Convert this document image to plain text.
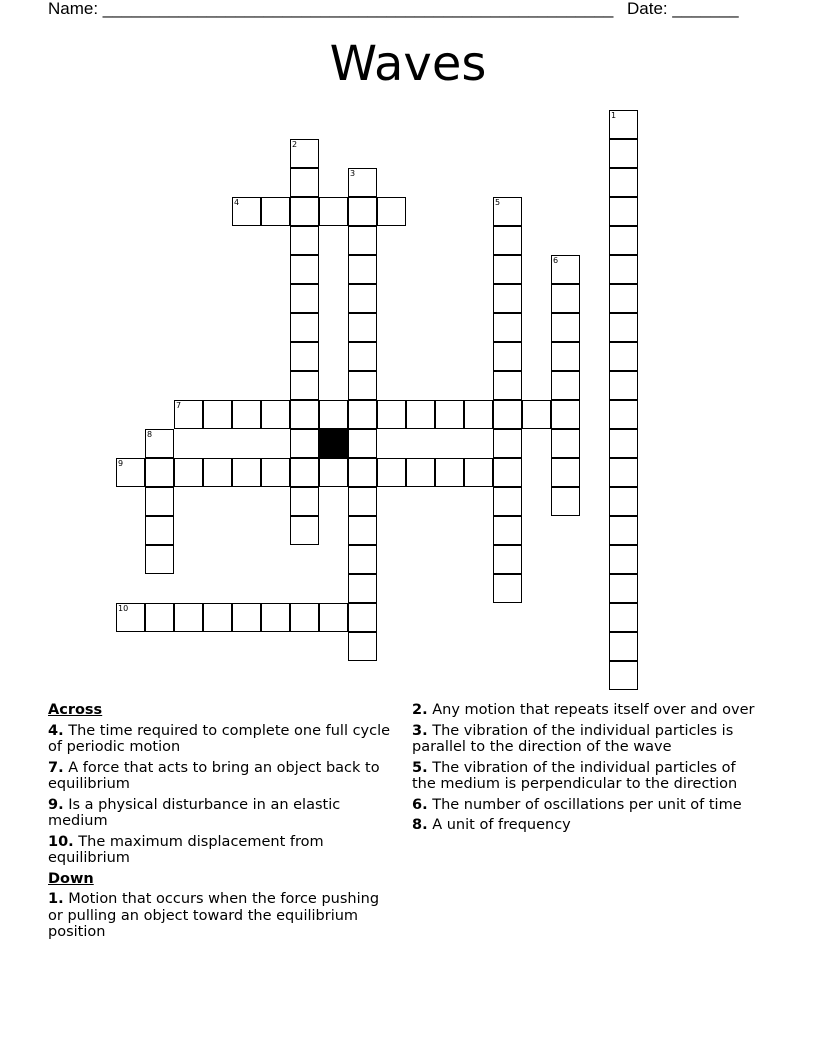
Name: ______________________________________________________ Date: _______
Waves
1
2
3
4	5
6
7
8
9
10
Across
4. The time required to complete one full cycle of periodic motion
7. A force that acts to bring an object back to equilibrium
9. Is a physical disturbance in an elastic medium
10. The maximum displacement from equilibrium
Down
1. Motion that occurs when the force pushing or pulling an object toward the equilibrium position
2. Any motion that repeats itself over and over
3. The vibration of the individual particles is parallel to the direction of the wave
5. The vibration of the individual particles of the medium is perpendicular to the direction
6. The number of oscillations per unit of time
8. A unit of frequency
